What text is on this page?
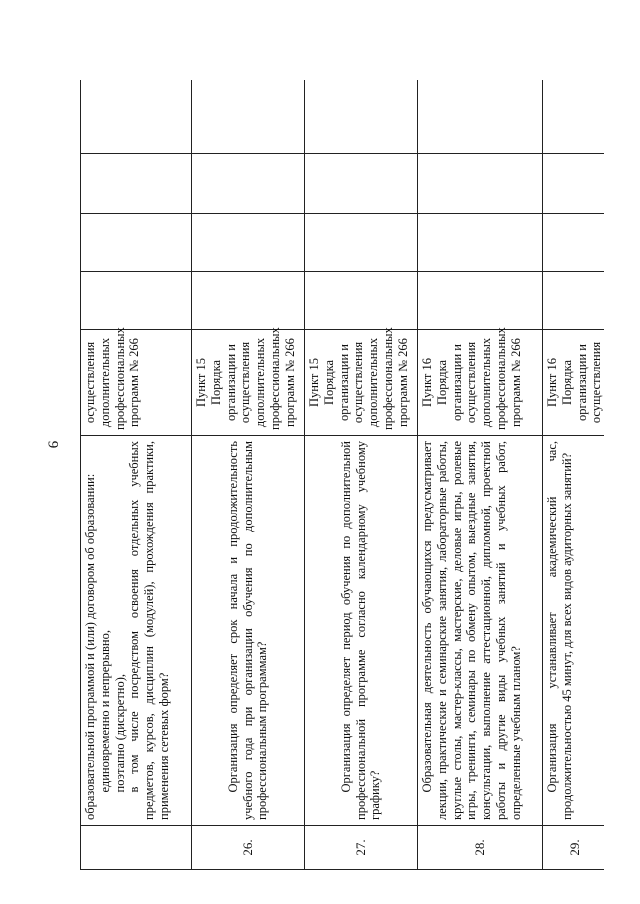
9

	образовательной программой и (или) договором об образовании: единовременно и непрерывно, поэтапно (дискретно), в том числе посредством освоения отдельных учебных предметов, курсов, дисциплин (модулей), прохождения практики, применения сетевых форм?	осуществления дополнительных профессиональных программ № 266				
26.	Организация определяет срок начала и продолжительность учебного года при организации обучения по дополнительным профессиональным программам?	Пункт 15 Порядка организации и осуществления дополнительных профессиональных программ № 266				
27.	Организация определяет период обучения по дополнительной профессиональной программе согласно календарному учебному графику?	Пункт 15 Порядка организации и осуществления дополнительных профессиональных программ № 266				
28.	Образовательная деятельность обучающихся предусматривает лекции, практические и семинарские занятия, лабораторные работы, круглые столы, мастер-классы, мастерские, деловые игры, ролевые игры, тренинги, семинары по обмену опытом, выездные занятия, консультации, выполнение аттестационной, дипломной, проектной работы и другие виды учебных занятий и учебных работ, определенные учебным планом?	Пункт 16 Порядка организации и осуществления дополнительных профессиональных программ № 266				
29.	Организация устанавливает академический час, продолжительностью 45 минут, для всех видов аудиторных занятий?	Пункт 16 Порядка организации и осуществления				
